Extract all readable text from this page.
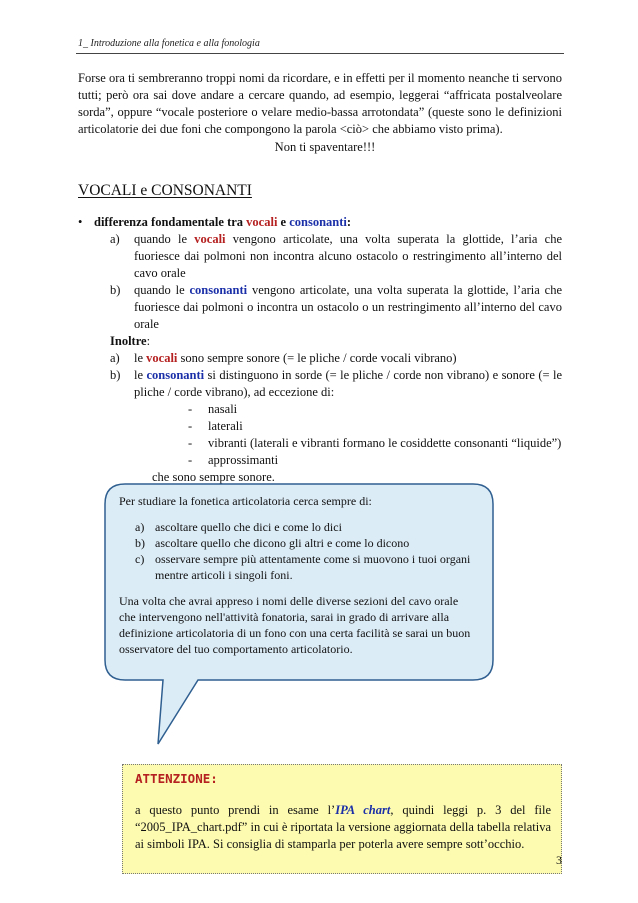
1_ Introduzione alla fonetica e alla fonologia
Forse ora ti sembreranno troppi nomi da ricordare, e in effetti per il momento neanche ti servono tutti; però ora sai dove andare a cercare quando, ad esempio, leggerai “affricata postalveolare sorda”, oppure “vocale posteriore o velare medio-bassa arrotondata” (queste sono le definizioni articolatorie dei due foni che compongono la parola <ciò> che abbiamo visto prima).
Non ti spaventare!!!
VOCALI e CONSONANTI
• differenza fondamentale tra vocali e consonanti:
a)	quando le vocali vengono articolate, una volta superata la glottide, l’aria che fuoriesce dai polmoni non incontra alcuno ostacolo o restringimento all’interno del cavo orale
b)	quando le consonanti vengono articolate, una volta superata la glottide, l’aria che fuoriesce dai polmoni o incontra un ostacolo o un restringimento all’interno del cavo orale
Inoltre:
a)	le vocali sono sempre sonore (= le pliche / corde vocali vibrano)
b)	le consonanti si distinguono in sorde (= le pliche / corde non vibrano) e sonore (= le pliche / corde vibrano), ad eccezione di:
-	nasali
-	laterali
-	vibranti (laterali e vibranti formano le cosiddette consonanti “liquide”)
-	approssimanti
che sono sempre sonore.

Per studiare la fonetica articolatoria cerca sempre di:

a) ascoltare quello che dici e come lo dici
b) ascoltare quello che dicono gli altri e come lo dicono
c) osservare sempre più attentamente come si muovono i tuoi organi mentre articoli i singoli foni.

Una volta che avrai appreso i nomi delle diverse sezioni del cavo orale che intervengono nell'attività fonatoria, sarai in grado di arrivare alla definizione articolatoria di un fono con una certa facilità se sarai un buon osservatore del tuo comportamento articolatorio.

ATTENZIONE:
a questo punto prendi in esame l’IPA chart, quindi leggi p. 3 del file “2005_IPA_chart.pdf” in cui è riportata la versione aggiornata della tabella relativa ai simboli IPA. Si consiglia di stamparla per poterla avere sempre sott’occhio.
3
